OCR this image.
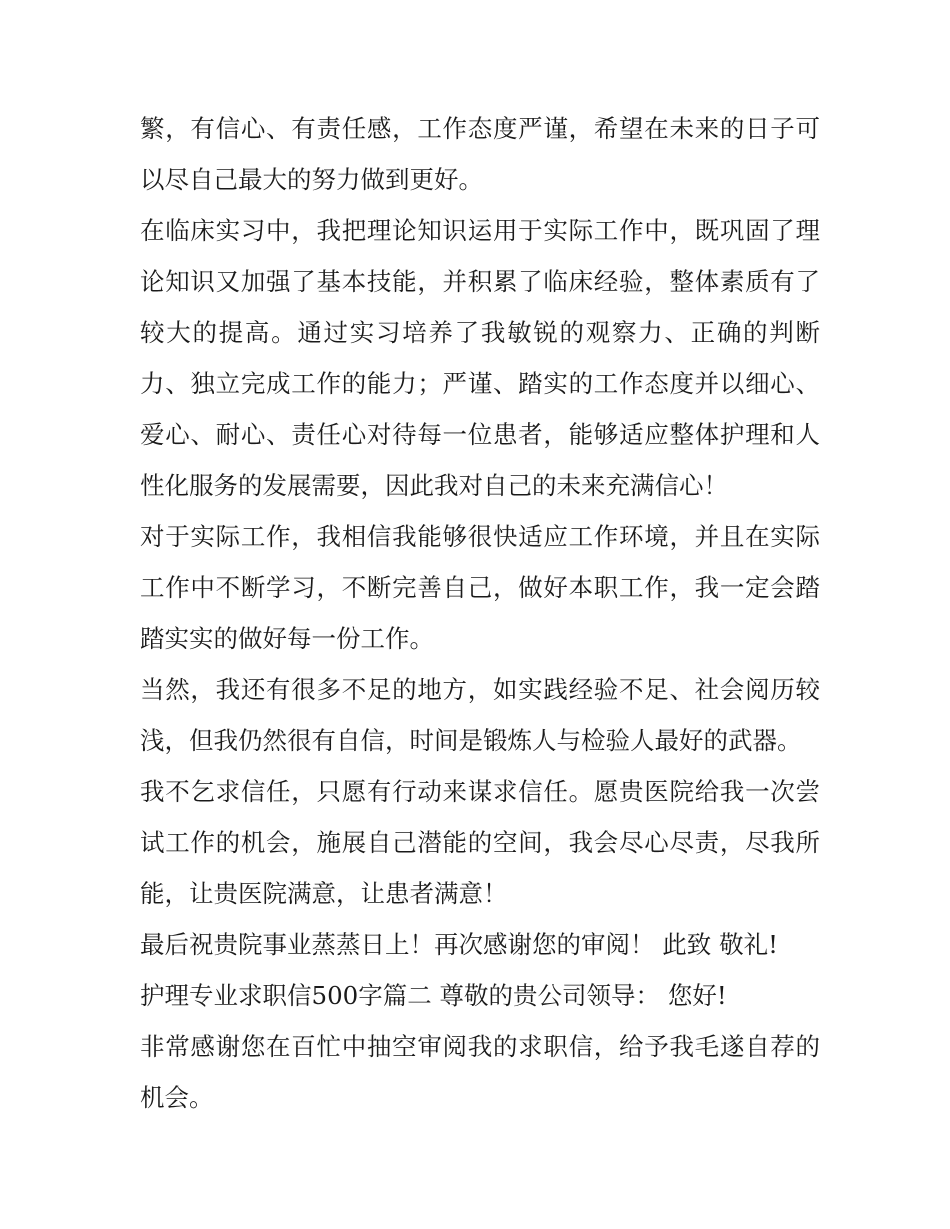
繁，有信心、有责任感，工作态度严谨，希望在未来的日子可以尽自己最大的努力做到更好。

在临床实习中，我把理论知识运用于实际工作中，既巩固了理论知识又加强了基本技能，并积累了临床经验，整体素质有了较大的提高。通过实习培养了我敏锐的观察力、正确的判断力、独立完成工作的能力；严谨、踏实的工作态度并以细心、爱心、耐心、责任心对待每一位患者，能够适应整体护理和人性化服务的发展需要，因此我对自己的未来充满信心！

对于实际工作，我相信我能够很快适应工作环境，并且在实际工作中不断学习，不断完善自己，做好本职工作，我一定会踏踏实实的做好每一份工作。

当然，我还有很多不足的地方，如实践经验不足、社会阅历较浅，但我仍然很有自信，时间是锻炼人与检验人最好的武器。

我不乞求信任，只愿有行动来谋求信任。愿贵医院给我一次尝试工作的机会，施展自己潜能的空间，我会尽心尽责，尽我所能，让贵医院满意，让患者满意！

最后祝贵院事业蒸蒸日上！再次感谢您的审阅！ 此致 敬礼!

护理专业求职信500字篇二 尊敬的贵公司领导： 您好!

非常感谢您在百忙中抽空审阅我的求职信，给予我毛遂自荐的机会。
